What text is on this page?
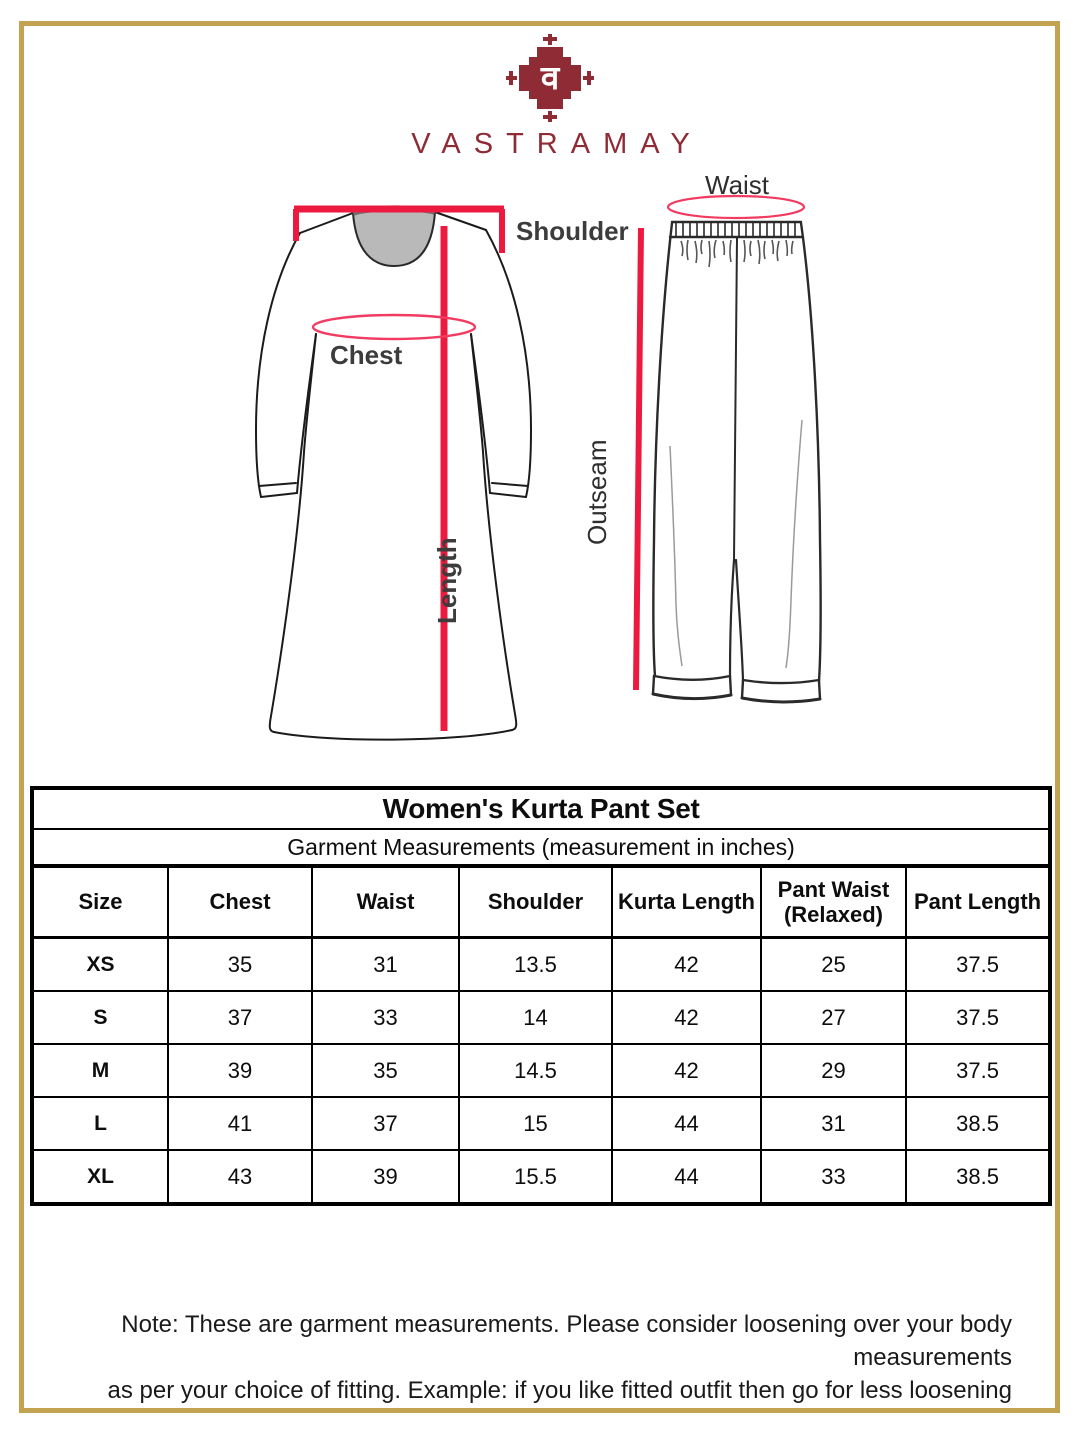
व
VASTRAMAY
Shoulder
Chest
Length
Waist
Outseam
Women's Kurta Pant Set						
Garment Measurements (measurement in inches)						
Size	Chest	Waist	Shoulder	Kurta Length	Pant Waist (Relaxed)	Pant Length
XS	35	31	13.5	42	25	37.5
S	37	33	14	42	27	37.5
M	39	35	14.5	42	29	37.5
L	41	37	15	44	31	38.5
XL	43	39	15.5	44	33	38.5
Note: These are garment measurements. Please consider loosening over your body measurements
as per your choice of fitting. Example: if you like fitted outfit then go for less loosening
